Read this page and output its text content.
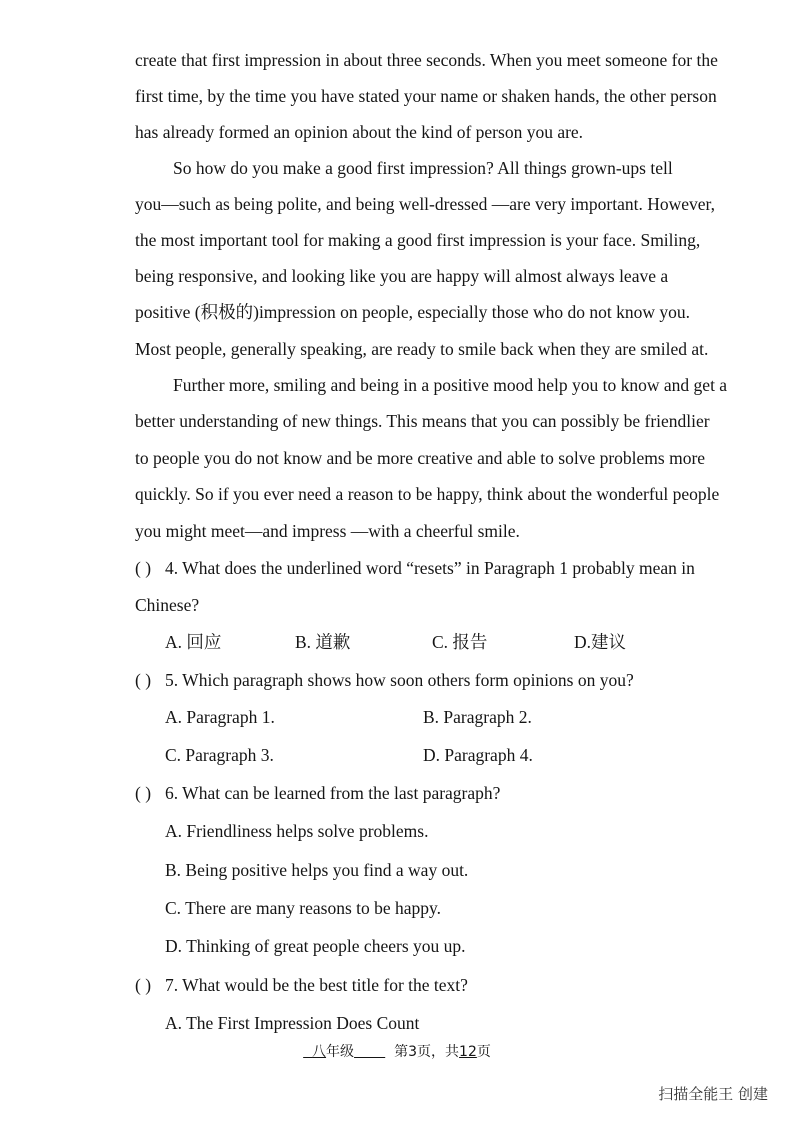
create that first impression in about three seconds. When you meet someone for the
first time, by the time you have stated your name or shaken hands, the other person
has already formed an opinion about the kind of person you are.
So how do you make a good first impression? All things grown-ups tell
you—such as being polite, and being well-dressed —are very important. However,
the most important tool for making a good first impression is your face. Smiling,
being responsive, and looking like you are happy will almost always leave a
positive (积极的)impression on people, especially those who do not know you.
Most people, generally speaking, are ready to smile back when they are smiled at.
Further more, smiling and being in a positive mood help you to know and get a
better understanding of new things. This means that you can possibly be friendlier
to people you do not know and be more creative and able to solve problems more
quickly. So if you ever need a reason to be happy, think about the wonderful people
you might meet—and impress —with a cheerful smile.
( ) 4. What does the underlined word “resets” in Paragraph 1 probably mean in
Chinese?
A. 回应	B. 道歉	C. 报告	D.建议
( ) 5. Which paragraph shows how soon others form opinions on you?
A. Paragraph 1.	B. Paragraph 2.
C. Paragraph 3.	D. Paragraph 4.
( ) 6. What can be learned from the last paragraph?
A. Friendliness helps solve problems.
B. Being positive helps you find a way out.
C. There are many reasons to be happy.
D. Thinking of great people cheers you up.
( ) 7. What would be the best title for the text?
A. The First Impression Does Count
八年级	第3页，共12页
扫描全能王 创建
